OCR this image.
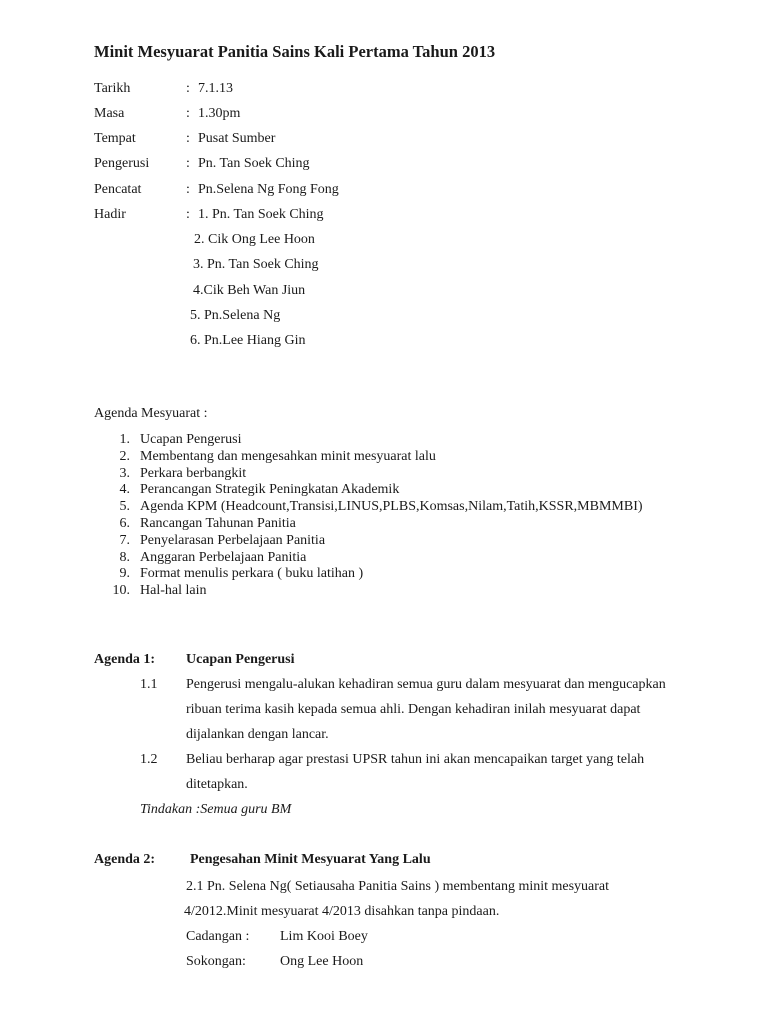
Minit Mesyuarat Panitia Sains Kali Pertama Tahun 2013
Tarikh	: 7.1.13
Masa	: 1.30pm
Tempat	: Pusat Sumber
Pengerusi	: Pn. Tan Soek Ching
Pencatat	: Pn.Selena Ng Fong Fong
Hadir	: 1. Pn. Tan Soek Ching
2. Cik Ong Lee Hoon
3. Pn. Tan Soek Ching
4.Cik Beh Wan Jiun
5. Pn.Selena Ng
6. Pn.Lee Hiang Gin
Agenda Mesyuarat :
1. Ucapan Pengerusi
2. Membentang dan mengesahkan minit mesyuarat lalu
3. Perkara berbangkit
4. Perancangan Strategik Peningkatan Akademik
5. Agenda KPM (Headcount,Transisi,LINUS,PLBS,Komsas,Nilam,Tatih,KSSR,MBMMBI)
6. Rancangan Tahunan Panitia
7. Penyelarasan Perbelajaan Panitia
8. Anggaran Perbelajaan Panitia
9. Format menulis perkara ( buku latihan )
10. Hal-hal lain
Agenda 1: Ucapan Pengerusi
1.1 Pengerusi mengalu-alukan kehadiran semua guru dalam mesyuarat dan mengucapkan
ribuan terima kasih kepada semua ahli. Dengan kehadiran inilah mesyuarat dapat
dijalankan dengan lancar.
1.2 Beliau berharap agar prestasi UPSR tahun ini akan mencapaikan target yang telah
ditetapkan.
Tindakan :Semua guru BM
Agenda 2: Pengesahan Minit Mesyuarat Yang Lalu
2.1 Pn. Selena Ng( Setiausaha Panitia Sains ) membentang minit mesyuarat
4/2012.Minit mesyuarat 4/2013 disahkan tanpa pindaan.
Cadangan : Lim Kooi Boey
Sokongan: Ong Lee Hoon
